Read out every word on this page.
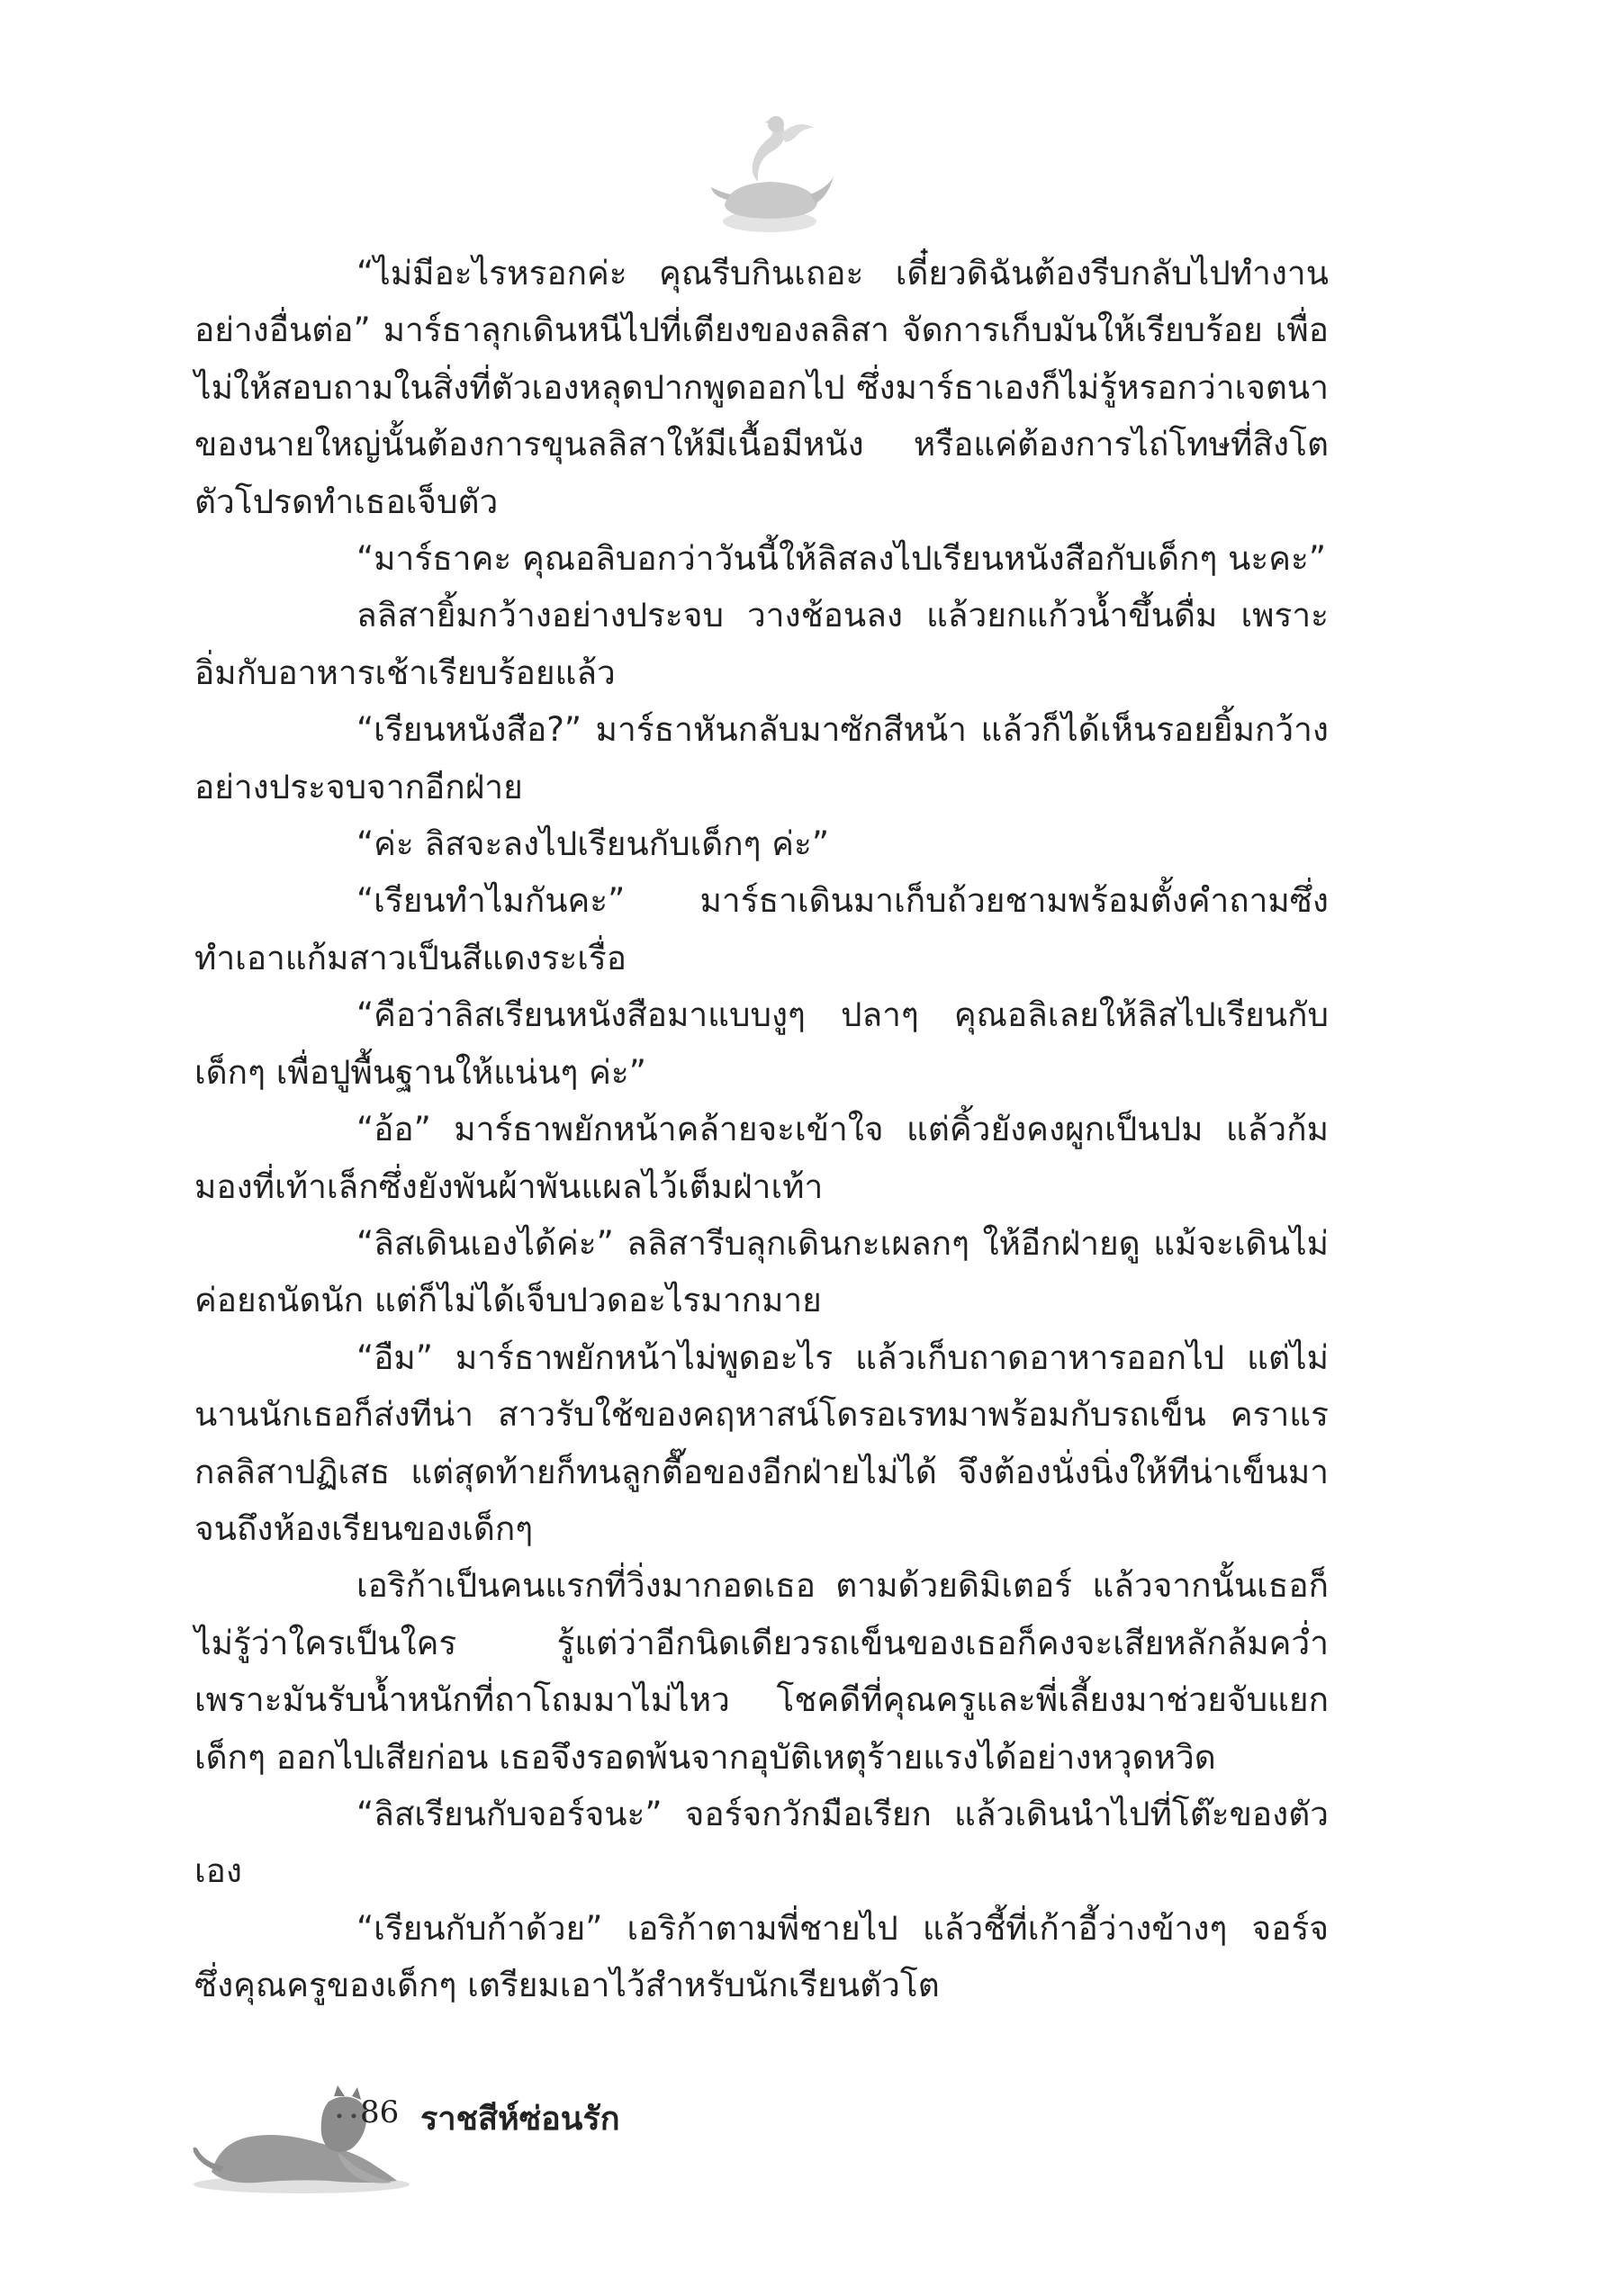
“ไม่มีอะไรหรอกค่ะ คุณรีบกินเถอะ เดี๋ยวดิฉันต้องรีบกลับไปทำงานอย่างอื่นต่อ” มาร์ธาลุกเดินหนีไปที่เตียงของลลิสา จัดการเก็บมันให้เรียบร้อย เพื่อไม่ให้สอบถามในสิ่งที่ตัวเองหลุดปากพูดออกไป ซึ่งมาร์ธาเองก็ไม่รู้หรอกว่าเจตนาของนายใหญ่นั้นต้องการขุนลลิสาให้มีเนื้อมีหนัง หรือแค่ต้องการไถ่โทษที่สิงโตตัวโปรดทำเธอเจ็บตัว

“มาร์ธาคะ คุณอลิบอกว่าวันนี้ให้ลิสลงไปเรียนหนังสือกับเด็กๆ นะคะ”

ลลิสายิ้มกว้างอย่างประจบ วางช้อนลง แล้วยกแก้วน้ำขึ้นดื่ม เพราะอิ่มกับอาหารเช้าเรียบร้อยแล้ว

“เรียนหนังสือ?” มาร์ธาหันกลับมาซักสีหน้า แล้วก็ได้เห็นรอยยิ้มกว้างอย่างประจบจากอีกฝ่าย

“ค่ะ ลิสจะลงไปเรียนกับเด็กๆ ค่ะ”

“เรียนทำไมกันคะ” มาร์ธาเดินมาเก็บถ้วยชามพร้อมตั้งคำถามซึ่งทำเอาแก้มสาวเป็นสีแดงระเรื่อ

“คือว่าลิสเรียนหนังสือมาแบบงูๆ ปลาๆ คุณอลิเลยให้ลิสไปเรียนกับเด็กๆ เพื่อปูพื้นฐานให้แน่นๆ ค่ะ”

“อ้อ” มาร์ธาพยักหน้าคล้ายจะเข้าใจ แต่คิ้วยังคงผูกเป็นปม แล้วก้มมองที่เท้าเล็กซึ่งยังพันผ้าพันแผลไว้เต็มฝ่าเท้า

“ลิสเดินเองได้ค่ะ” ลลิสารีบลุกเดินกะเผลกๆ ให้อีกฝ่ายดู แม้จะเดินไม่ค่อยถนัดนัก แต่ก็ไม่ได้เจ็บปวดอะไรมากมาย

“อืม” มาร์ธาพยักหน้าไม่พูดอะไร แล้วเก็บถาดอาหารออกไป แต่ไม่นานนักเธอก็ส่งทีน่า สาวรับใช้ของคฤหาสน์โดรอเรทมาพร้อมกับรถเข็น คราแรกลลิสาปฏิเสธ แต่สุดท้ายก็ทนลูกตื๊อของอีกฝ่ายไม่ได้ จึงต้องนั่งนิ่งให้ทีน่าเข็นมาจนถึงห้องเรียนของเด็กๆ

เอริก้าเป็นคนแรกที่วิ่งมากอดเธอ ตามด้วยดิมิเตอร์ แล้วจากนั้นเธอก็ไม่รู้ว่าใครเป็นใคร รู้แต่ว่าอีกนิดเดียวรถเข็นของเธอก็คงจะเสียหลักล้มคว่ำ เพราะมันรับน้ำหนักที่ถาโถมมาไม่ไหว โชคดีที่คุณครูและพี่เลี้ยงมาช่วยจับแยกเด็กๆ ออกไปเสียก่อน เธอจึงรอดพ้นจากอุบัติเหตุร้ายแรงได้อย่างหวุดหวิด

“ลิสเรียนกับจอร์จนะ” จอร์จกวักมือเรียก แล้วเดินนำไปที่โต๊ะของตัวเอง

“เรียนกับก้าด้วย” เอริก้าตามพี่ชายไป แล้วชี้ที่เก้าอี้ว่างข้างๆ จอร์จ ซึ่งคุณครูของเด็กๆ เตรียมเอาไว้สำหรับนักเรียนตัวโต

86 ราชสีห์ซ่อนรัก
